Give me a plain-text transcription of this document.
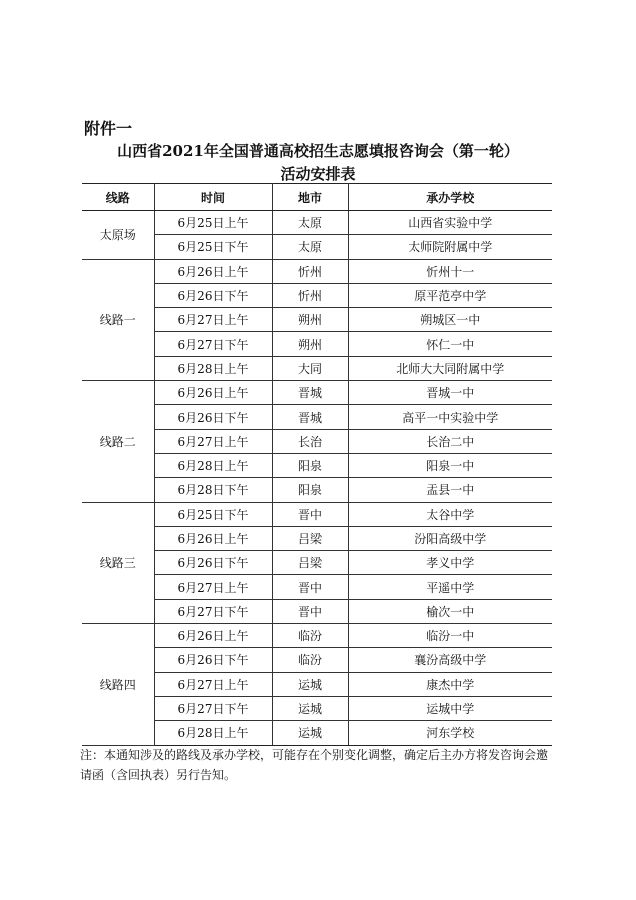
附件一
山西省2021年全国普通高校招生志愿填报咨询会（第一轮）
活动安排表
线路	时间	地市	承办学校
太原场	6月25日上午	太原	山西省实验中学
	6月25日下午	太原	太师院附属中学
线路一	6月26日上午	忻州	忻州十一
	6月26日下午	忻州	原平范亭中学
	6月27日上午	朔州	朔城区一中
	6月27日下午	朔州	怀仁一中
	6月28日上午	大同	北师大大同附属中学
线路二	6月26日上午	晋城	晋城一中
	6月26日下午	晋城	高平一中实验中学
	6月27日上午	长治	长治二中
	6月28日上午	阳泉	阳泉一中
	6月28日下午	阳泉	盂县一中
线路三	6月25日下午	晋中	太谷中学
	6月26日上午	吕梁	汾阳高级中学
	6月26日下午	吕梁	孝义中学
	6月27日上午	晋中	平遥中学
	6月27日下午	晋中	榆次一中
线路四	6月26日上午	临汾	临汾一中
	6月26日下午	临汾	襄汾高级中学
	6月27日上午	运城	康杰中学
	6月27日下午	运城	运城中学
	6月28日上午	运城	河东学校
注：本通知涉及的路线及承办学校，可能存在个别变化调整，确定后主办方将发咨询会邀请函（含回执表）另行告知。
